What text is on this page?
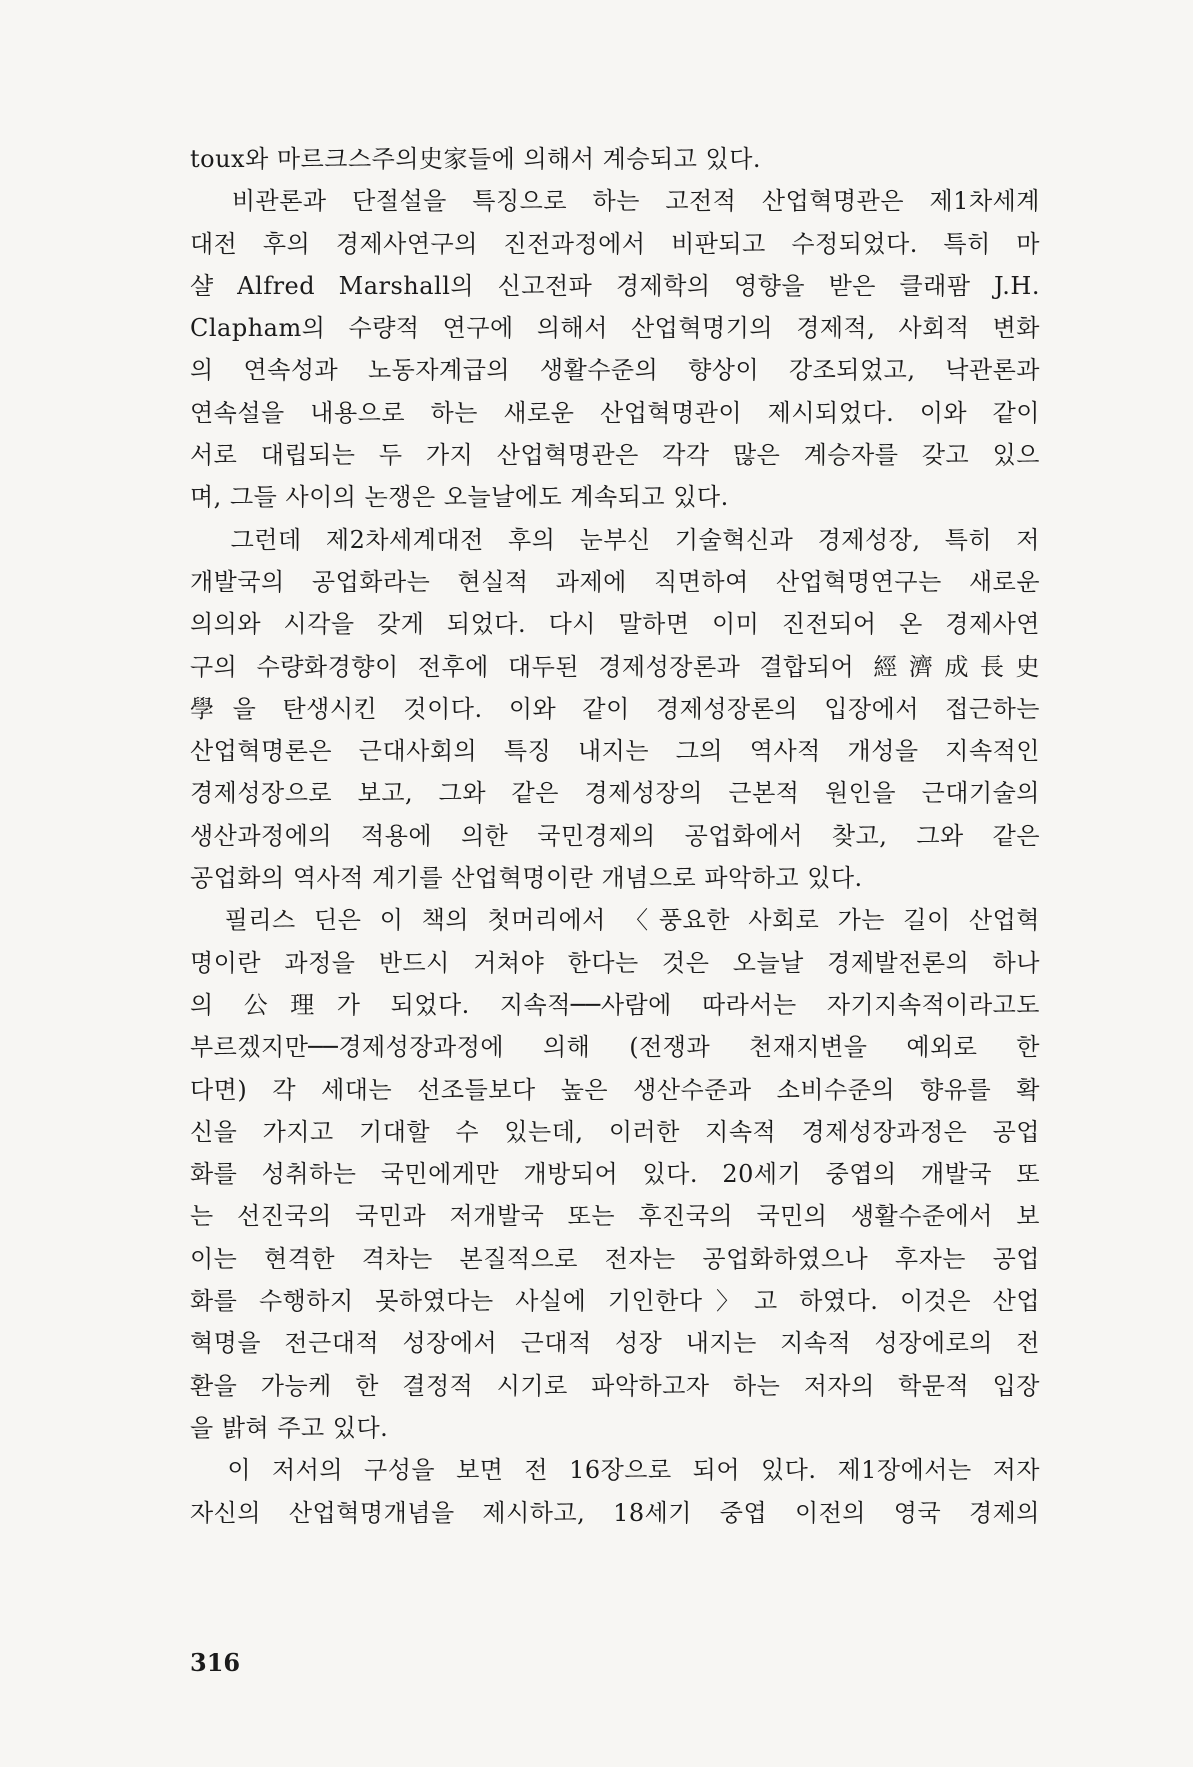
toux와 마르크스주의史家들에 의해서 계승되고 있다.
　비관론과 단절설을 특징으로 하는 고전적 산업혁명관은 제1차세계
대전 후의 경제사연구의 진전과정에서 비판되고 수정되었다. 특히 마
샬 Alfred Marshall의 신고전파 경제학의 영향을 받은 클래팜 J.H.
Clapham의 수량적 연구에 의해서 산업혁명기의 경제적, 사회적 변화
의 연속성과 노동자계급의 생활수준의 향상이 강조되었고, 낙관론과
연속설을 내용으로 하는 새로운 산업혁명관이 제시되었다. 이와 같이
서로 대립되는 두 가지 산업혁명관은 각각 많은 계승자를 갖고 있으
며, 그들 사이의 논쟁은 오늘날에도 계속되고 있다.
　그런데 제2차세계대전 후의 눈부신 기술혁신과 경제성장, 특히 저
개발국의 공업화라는 현실적 과제에 직면하여 산업혁명연구는 새로운
의의와 시각을 갖게 되었다. 다시 말하면 이미 진전되어 온 경제사연
구의 수량화경향이 전후에 대두된 경제성장론과 결합되어 經濟成長史
學을 탄생시킨 것이다. 이와 같이 경제성장론의 입장에서 접근하는
산업혁명론은 근대사회의 특징 내지는 그의 역사적 개성을 지속적인
경제성장으로 보고, 그와 같은 경제성장의 근본적 원인을 근대기술의
생산과정에의 적용에 의한 국민경제의 공업화에서 찾고, 그와 같은
공업화의 역사적 계기를 산업혁명이란 개념으로 파악하고 있다.
　필리스 딘은 이 책의 첫머리에서 〈풍요한 사회로 가는 길이 산업혁
명이란 과정을 반드시 거쳐야 한다는 것은 오늘날 경제발전론의 하나
의 公理가 되었다. 지속적──사람에 따라서는 자기지속적이라고도
부르겠지만──경제성장과정에 의해 (전쟁과 천재지변을 예외로 한
다면) 각 세대는 선조들보다 높은 생산수준과 소비수준의 향유를 확
신을 가지고 기대할 수 있는데, 이러한 지속적 경제성장과정은 공업
화를 성취하는 국민에게만 개방되어 있다. 20세기 중엽의 개발국 또
는 선진국의 국민과 저개발국 또는 후진국의 국민의 생활수준에서 보
이는 현격한 격차는 본질적으로 전자는 공업화하였으나 후자는 공업
화를 수행하지 못하였다는 사실에 기인한다〉고 하였다. 이것은 산업
혁명을 전근대적 성장에서 근대적 성장 내지는 지속적 성장에로의 전
환을 가능케 한 결정적 시기로 파악하고자 하는 저자의 학문적 입장
을 밝혀 주고 있다.
　이 저서의 구성을 보면 전 16장으로 되어 있다. 제1장에서는 저자
자신의 산업혁명개념을 제시하고, 18세기 중엽 이전의 영국 경제의
316
